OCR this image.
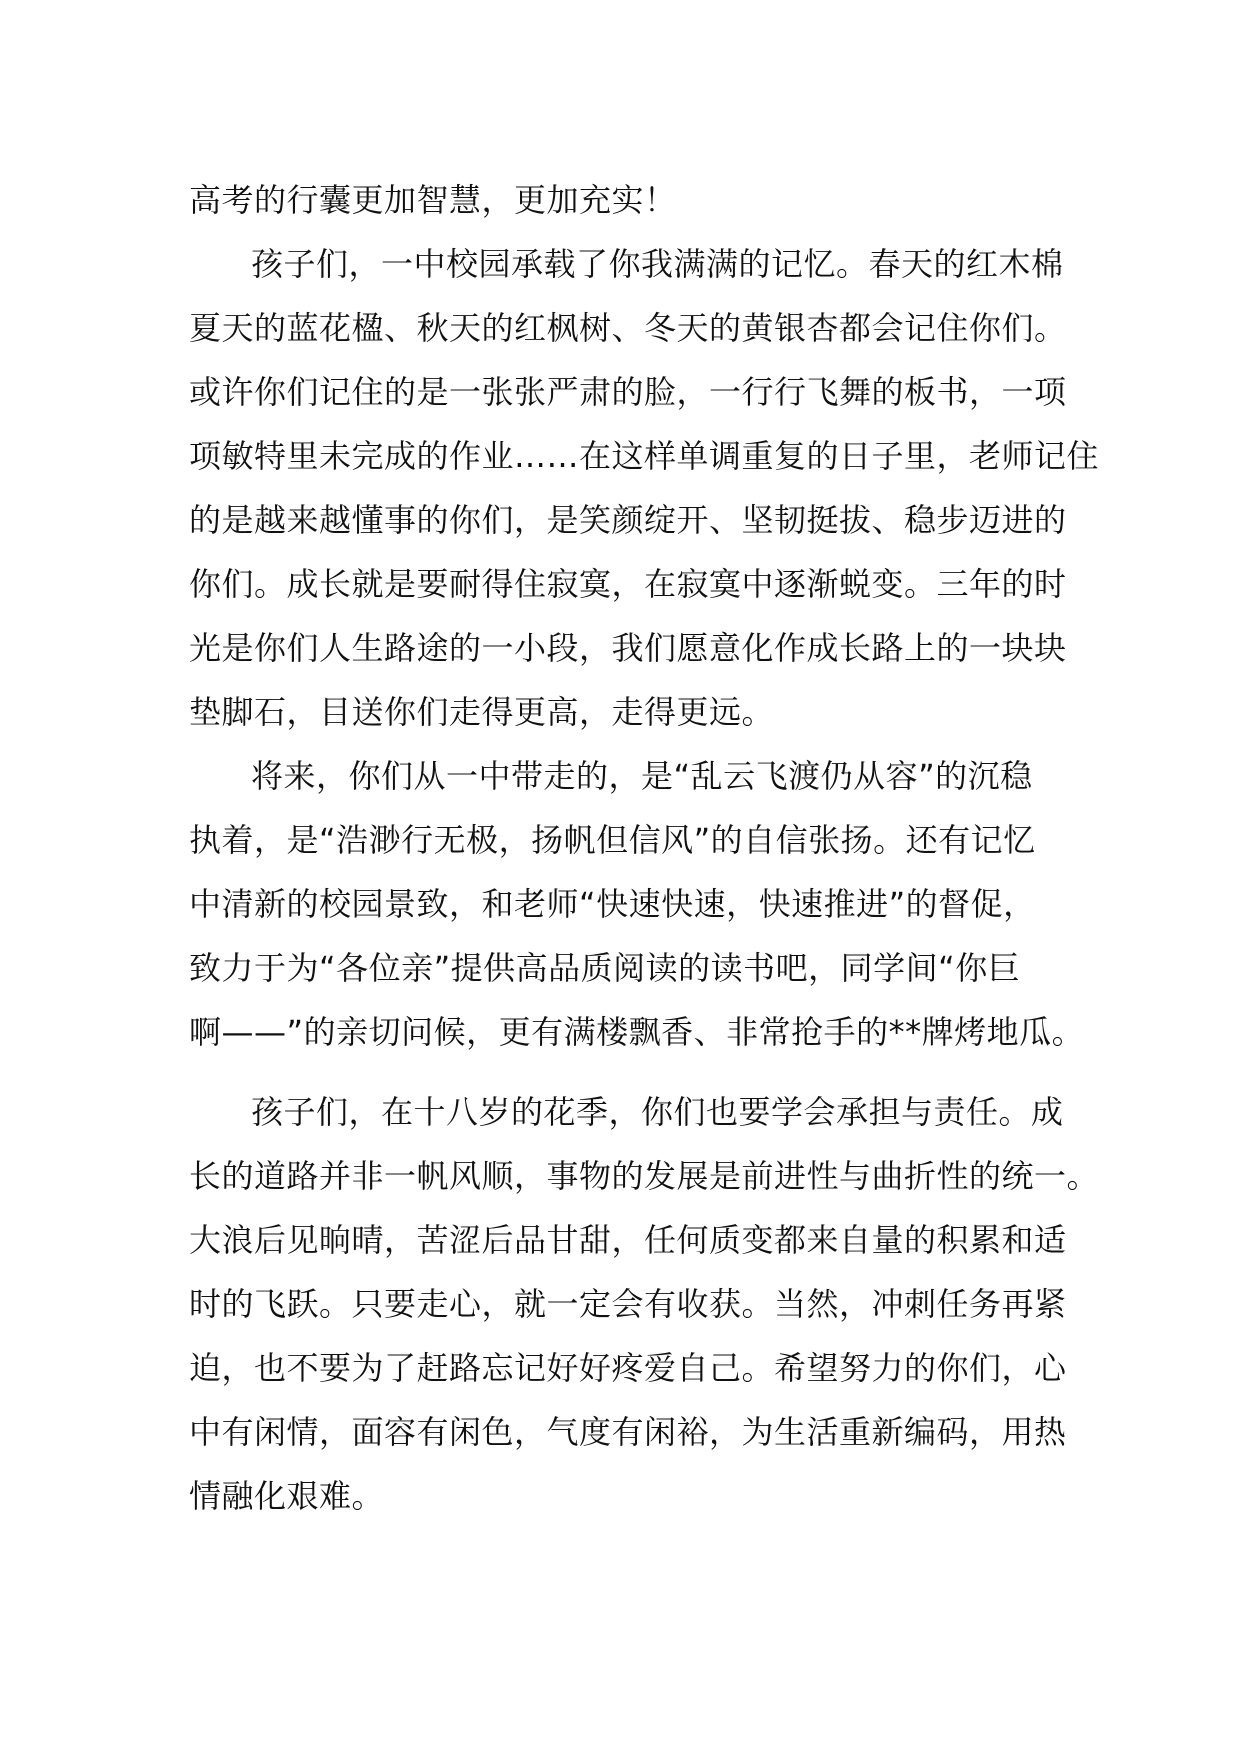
高考的行囊更加智慧，更加充实！
孩子们，一中校园承载了你我满满的记忆。春天的红木棉
夏天的蓝花楹、秋天的红枫树、冬天的黄银杏都会记住你们。
或许你们记住的是一张张严肃的脸，一行行飞舞的板书，一项
项敏特里未完成的作业……在这样单调重复的日子里，老师记住
的是越来越懂事的你们，是笑颜绽开、坚韧挺拔、稳步迈进的
你们。成长就是要耐得住寂寞，在寂寞中逐渐蜕变。三年的时
光是你们人生路途的一小段，我们愿意化作成长路上的一块块
垫脚石，目送你们走得更高，走得更远。
将来，你们从一中带走的，是“乱云飞渡仍从容”的沉稳
执着，是“浩渺行无极，扬帆但信风”的自信张扬。还有记忆
中清新的校园景致，和老师“快速快速，快速推进”的督促，
致力于为“各位亲”提供高品质阅读的读书吧，同学间“你巨
啊——”的亲切问候，更有满楼飘香、非常抢手的**牌烤地瓜。
孩子们，在十八岁的花季，你们也要学会承担与责任。成
长的道路并非一帆风顺，事物的发展是前进性与曲折性的统一。
大浪后见晌晴，苦涩后品甘甜，任何质变都来自量的积累和适
时的飞跃。只要走心，就一定会有收获。当然，冲刺任务再紧
迫，也不要为了赶路忘记好好疼爱自己。希望努力的你们，心
中有闲情，面容有闲色，气度有闲裕，为生活重新编码，用热
情融化艰难。
